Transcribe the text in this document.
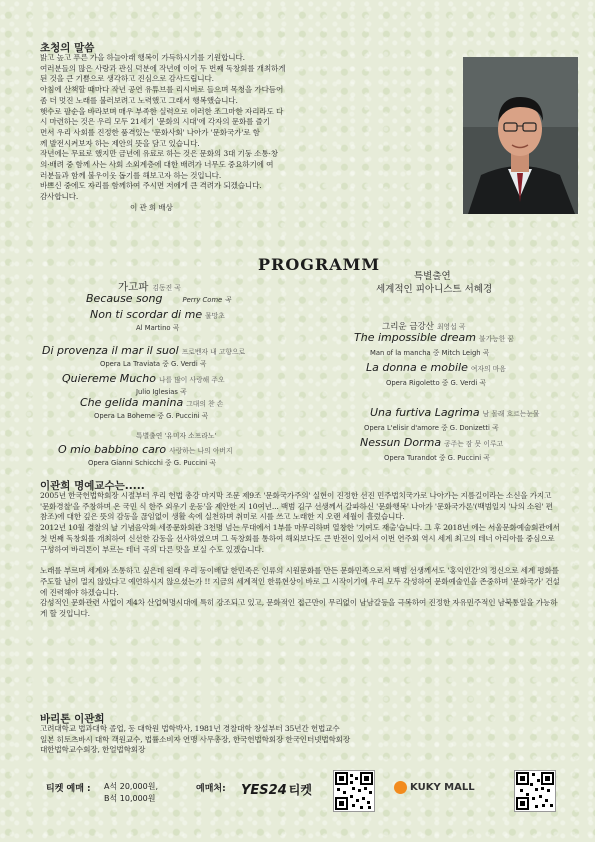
초청의 말씀

밝고 높고 푸른 가을 하늘아래 행복이 가득하시기를 기원합니다.

여러분들의 많은 사랑과 관심 덕분에 작년에 이어 두 번째 독창회를 개최하게

된 것을 큰 기쁨으로 생각하고 진심으로 감사드립니다.

아침에 산책할 때마다 작년 공연 유튜브를 리시버로 들으며 목청을 가다듬어

좀 더 멋진 노래를 불러보려고 노력했고 그래서 행복했습니다.

햇수로 팔순을 바라보며 매우 부족한 실력으로 이러한 조그마한 자리라도 다

시 마련하는 것은 우리 모두 21세기 '문화의 시대'에 각자의 문화를 즐기

면서 우리 사회를 진정한 품격있는 '문화사회' 나아가 '문화국가'로 함

께 발전시켜보자 하는 제안의 뜻을 담고 있습니다.

작년에는 무료로 했지만 금년에 유료로 하는 것은 문화의 3대 기둥 소통·창

의·배려 중 함께 사는 사회 소외계층에 대한 배려가 너무도 중요하기에 여

러분들과 함께 불우이웃 돕기를 해보고자 하는 것입니다.

바쁘신 중에도 자리를 함께하여 주시면 저에게 큰 격려가 되겠습니다.

감사합니다.

이 관 희 배상
PROGRAMM
가고파 김동진 곡
Because song	Perry Come 곡
Non ti scordar di me 물망초
Al Martino 곡
Di provenza il mar il suol 프로벤자 내 고향으로
Opera La Traviata 중 G. Verdi 곡
Quiereme Mucho 나를 많이 사랑해 주오
Julio Iglesias 곡
Che gelida manina 그대의 찬 손
Opera La Boheme 중 G. Puccini 곡
특별출연 '유미자 소프라노'
O mio babbino caro 사랑하는 나의 아버지
Opera Gianni Schicchi 중 G. Puccini 곡
특별출연
세계적인 피아니스트 서혜경
그리운 금강산 최영섭 곡
The impossible dream 불가능한 꿈
Man of la mancha 중 Mitch Leigh 곡
La donna e mobile 여자의 마음
Opera Rigoletto 중 G. Verdi 곡
Una furtiva Lagrima 남 몰래 흐르는눈물
Opera L'elisir d'amore 중 G. Donizetti 곡
Nessun Dorma 공주는 잠 못 이루고
Opera Turandot 중 G. Puccini 곡
이관희 명예교수는.....

2005년 한국헌법학회장 시절부터 우리 헌법 총강 마지막 조문 제9조 '문화국가주의' 실현이 진정한 선진 민주법치국가로 나아가는 지름길이라는 소신을 가지고 '문화경찰'을 주창하며 온 국민 식 한주 외우기 운동'을 제안한 지 10여년... 백범 김구 선생께서 갈파하신 '문화행복' 나아가 '문화국가론'(백범일지 '나의 소원' 편 참조)에 대한 깊은 뜻의 감동을 끊임없이 생활 속에 실천하며 취미로 시를 쓰고 노래한 지 오랜 세월이 흘렀습니다.

2012년 10월 경찰의 날 기념음악회 세종문화회관 3천명 넘는 무대에서 1부를 마무리하며 열창한 '기여도 재출'습니다. 그 후 2018년 에는 서울문화예술회관에서 첫 번째 독창회를 개최하여 신선한 감동을 선사하였으며 그 독창회를 통하여 해외보다도 큰 반전이 있어서 이번 연주회 역시 세계 최고의 테너 아리아를 중심으로 구성하여 바리톤이 부르는 테너 곡의 다른 맛을 보실 수도 있겠습니다.

노래를 부르며 세계와 소통하고 싶은데 원래 우리 동이배달 한민족은 인류의 시원문화를 만든 문화민족으로서 백범 선생께서도 '홍익인간'의 정신으로 세계 평화를 주도할 날이 멀지 않았다고 예언하시지 않으셨는가 !! 지금의 세계적인 한류현상이 바로 그 시작이기에 우리 모두 각성하여 문화예술인을 존중하며 '문화국가' 건설에 진력해야 하겠습니다.

감성적인 문화관련 사업이 제4차 산업혁명시대에 특히 강조되고 있고, 문화적인 접근만이 무리없이 남남갈등을 극복하여 진정한 자유민주적인 남북통일을 가능하게 할 것입니다.

바리톤 이관희

고려대학교 법과대학 졸업, 동 대학원 법학박사, 1981년 경찰대학 창설부터 35년간 헌법교수

일본 히토츠바시 대학 객원교수, 법률소비자 연맹 사무총장, 한국헌법학회장 한국인터넷법학회장

대한법학교수회장, 한얼법학회장

티켓 예매 : A석 20,000원,
B석 10,000원
예매처: YES24 티켓	KUKY MALL
